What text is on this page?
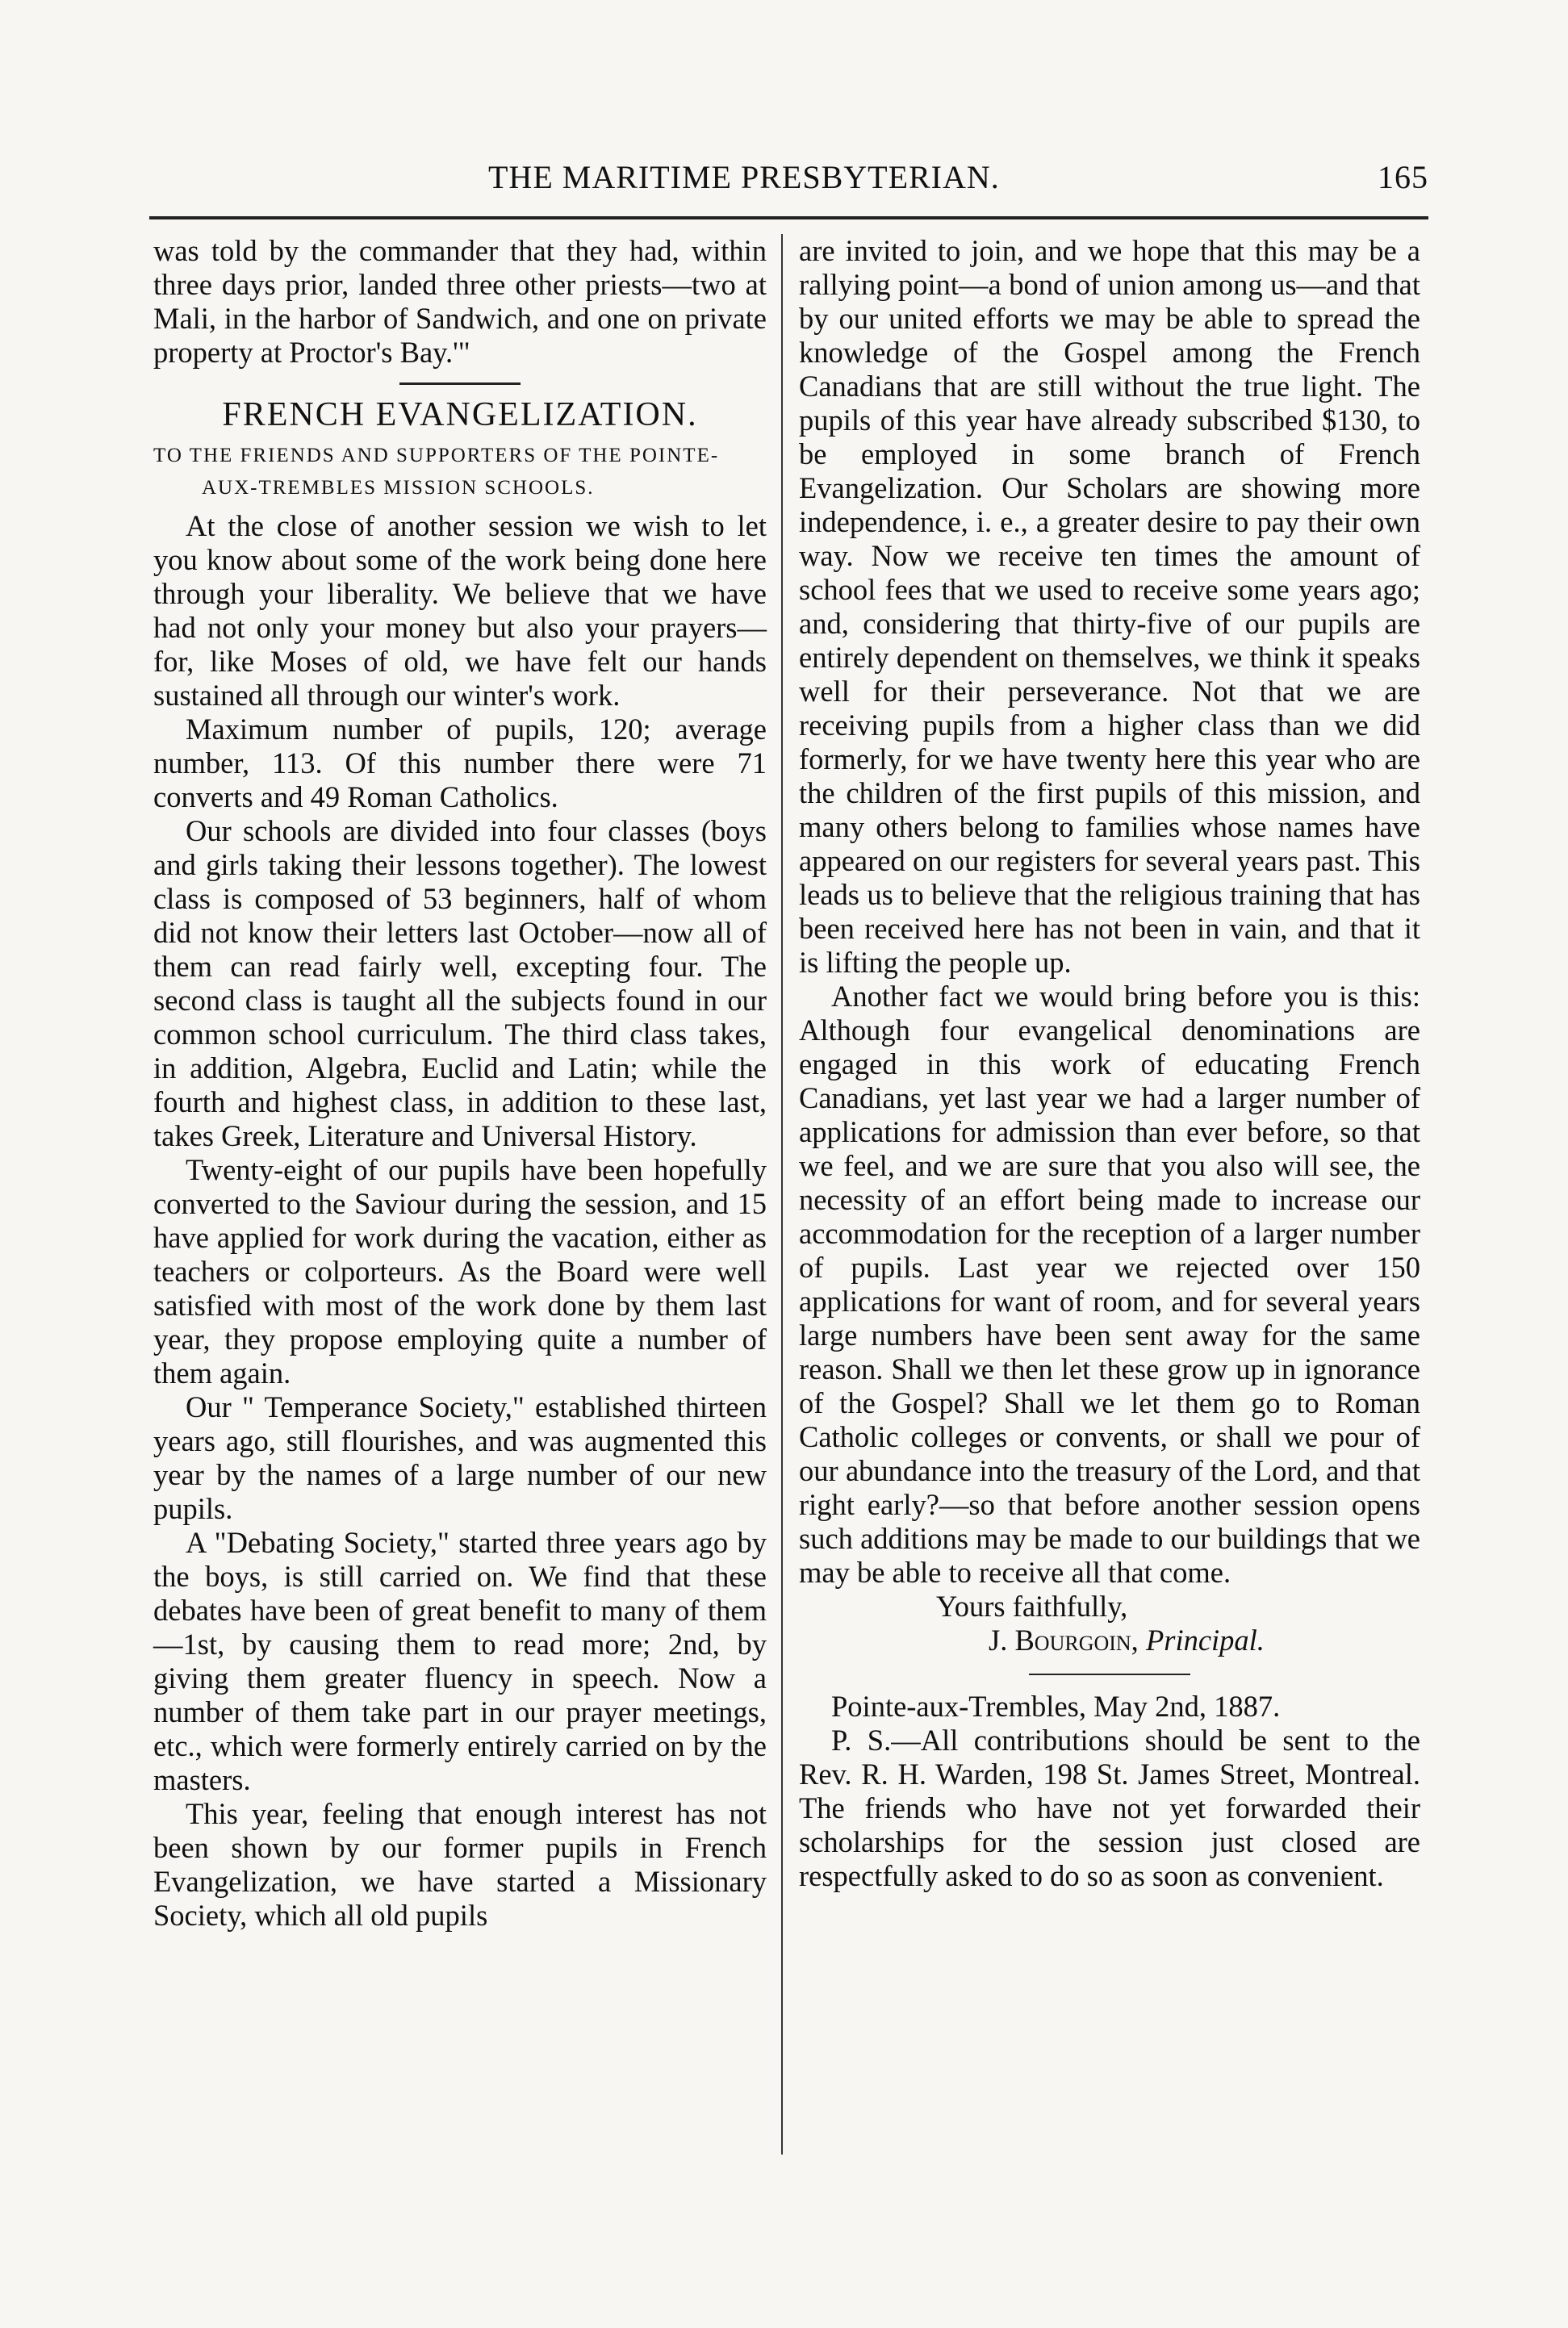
THE MARITIME PRESBYTERIAN.	165

was told by the commander that they had, within three days prior, landed three other priests—two at Mali, in the harbor of Sandwich, and one on private property at Proctor's Bay.'"

FRENCH EVANGELIZATION.
TO THE FRIENDS AND SUPPORTERS OF THE POINTE-AUX-TREMBLES MISSION SCHOOLS.

At the close of another session we wish to let you know about some of the work being done here through your liberality. We believe that we have had not only your money but also your prayers—for, like Moses of old, we have felt our hands sustained all through our winter's work.

Maximum number of pupils, 120; average number, 113. Of this number there were 71 converts and 49 Roman Catholics.

Our schools are divided into four classes (boys and girls taking their lessons together). The lowest class is composed of 53 beginners, half of whom did not know their letters last October—now all of them can read fairly well, excepting four. The second class is taught all the subjects found in our common school curriculum. The third class takes, in addition, Algebra, Euclid and Latin; while the fourth and highest class, in addition to these last, takes Greek, Literature and Universal History.

Twenty-eight of our pupils have been hopefully converted to the Saviour during the session, and 15 have applied for work during the vacation, either as teachers or colporteurs. As the Board were well satisfied with most of the work done by them last year, they propose employing quite a number of them again.

Our " Temperance Society," established thirteen years ago, still flourishes, and was augmented this year by the names of a large number of our new pupils.

A "Debating Society," started three years ago by the boys, is still carried on. We find that these debates have been of great benefit to many of them—1st, by causing them to read more; 2nd, by giving them greater fluency in speech. Now a number of them take part in our prayer meetings, etc., which were formerly entirely carried on by the masters.

This year, feeling that enough interest has not been shown by our former pupils in French Evangelization, we have started a Missionary Society, which all old pupils

are invited to join, and we hope that this may be a rallying point—a bond of union among us—and that by our united efforts we may be able to spread the knowledge of the Gospel among the French Canadians that are still without the true light. The pupils of this year have already subscribed $130, to be employed in some branch of French Evangelization. Our Scholars are showing more independence, i. e., a greater desire to pay their own way. Now we receive ten times the amount of school fees that we used to receive some years ago; and, considering that thirty-five of our pupils are entirely dependent on themselves, we think it speaks well for their perseverance. Not that we are receiving pupils from a higher class than we did formerly, for we have twenty here this year who are the children of the first pupils of this mission, and many others belong to families whose names have appeared on our registers for several years past. This leads us to believe that the religious training that has been received here has not been in vain, and that it is lifting the people up.

Another fact we would bring before you is this: Although four evangelical denominations are engaged in this work of educating French Canadians, yet last year we had a larger number of applications for admission than ever before, so that we feel, and we are sure that you also will see, the necessity of an effort being made to increase our accommodation for the reception of a larger number of pupils. Last year we rejected over 150 applications for want of room, and for several years large numbers have been sent away for the same reason. Shall we then let these grow up in ignorance of the Gospel? Shall we let them go to Roman Catholic colleges or convents, or shall we pour of our abundance into the treasury of the Lord, and that right early?—so that before another session opens such additions may be made to our buildings that we may be able to receive all that come.

Yours faithfully,

J. Bourgoin, Principal.

Pointe-aux-Trembles, May 2nd, 1887.

P. S.—All contributions should be sent to the Rev. R. H. Warden, 198 St. James Street, Montreal. The friends who have not yet forwarded their scholarships for the session just closed are respectfully asked to do so as soon as convenient.
